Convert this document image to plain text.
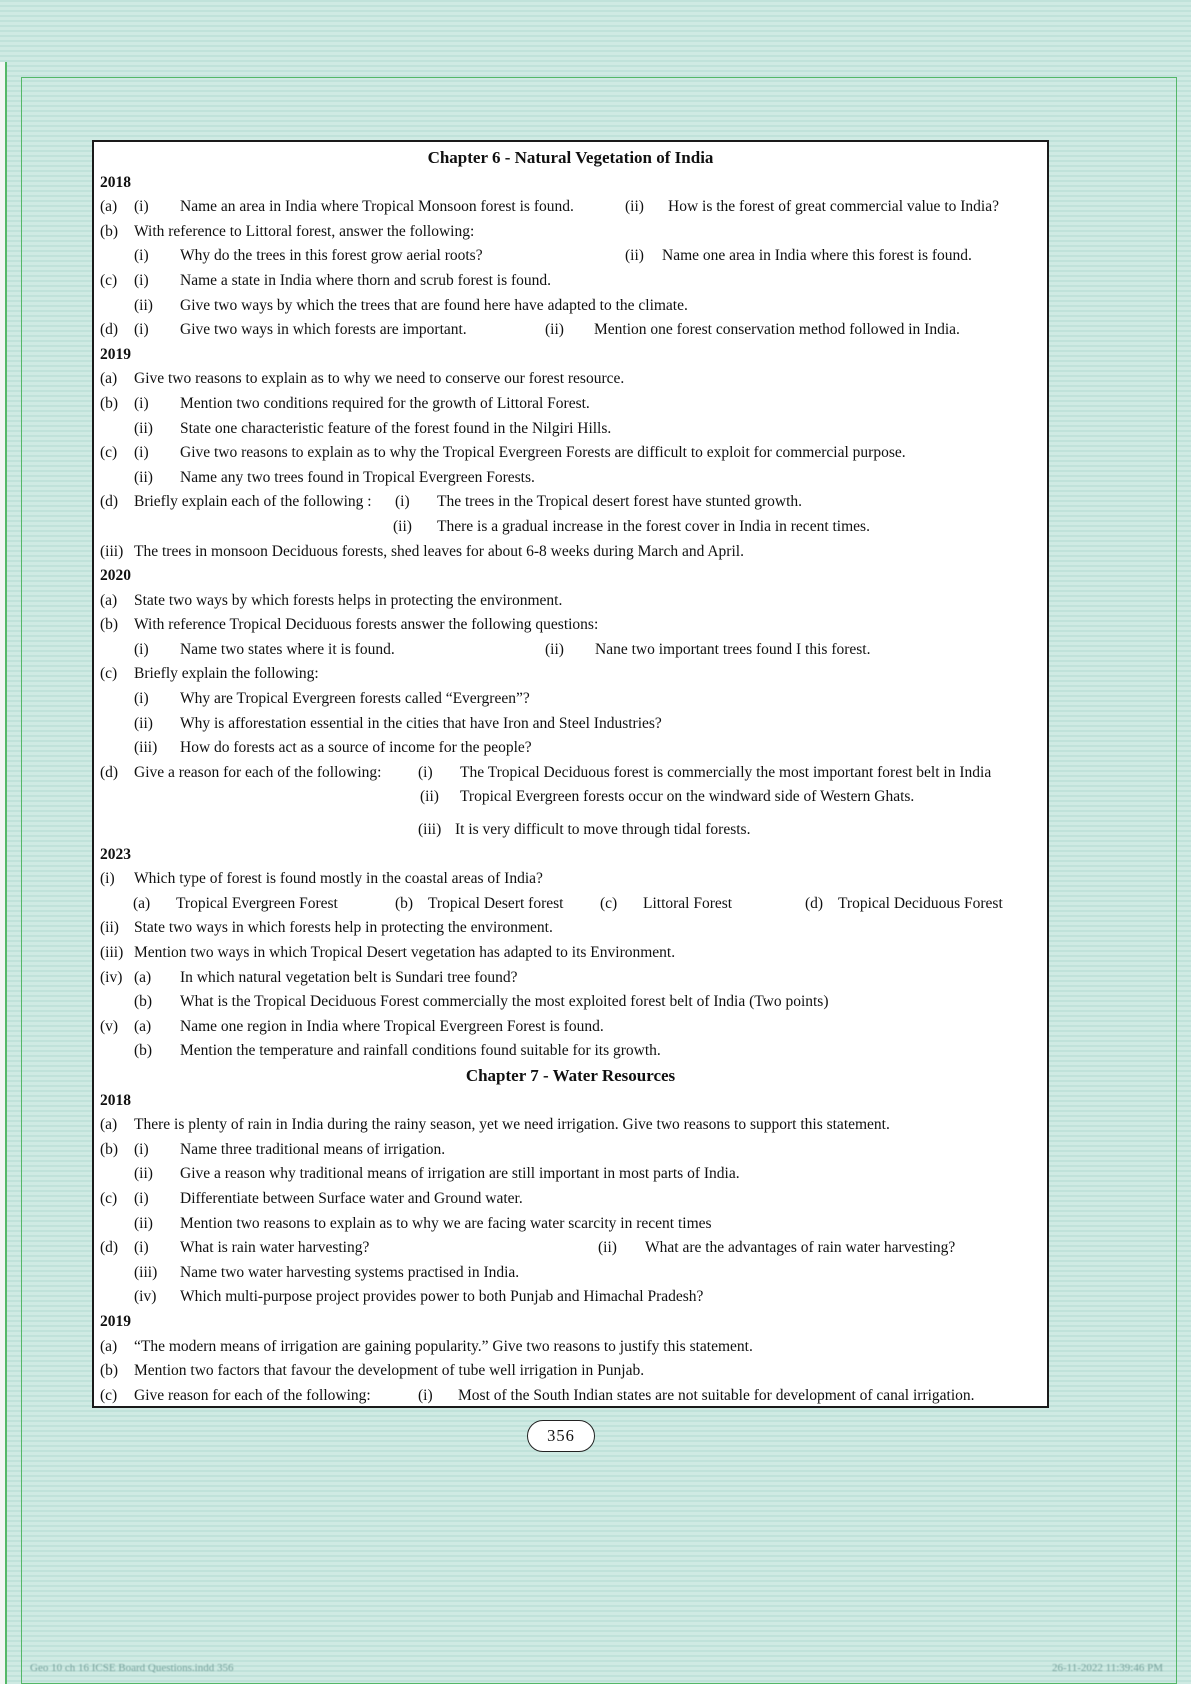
Chapter 6 - Natural Vegetation of India
2018
(a) (i) Name an area in India where Tropical Monsoon forest is found.	(ii) How is the forest of great commercial value to India?
(b) With reference to Littoral forest, answer the following:
(i) Why do the trees in this forest grow aerial roots?	(ii) Name one area in India where this forest is found.
(c) (i) Name a state in India where thorn and scrub forest is found.
(ii) Give two ways by which the trees that are found here have adapted to the climate.
(d) (i) Give two ways in which forests are important.	(ii) Mention one forest conservation method followed in India.
2019
(a) Give two reasons to explain as to why we need to conserve our forest resource.
(b) (i) Mention two conditions required for the growth of Littoral Forest.
(ii) State one characteristic feature of the forest found in the Nilgiri Hills.
(c) (i) Give two reasons to explain as to why the Tropical Evergreen Forests are difficult to exploit for commercial purpose.
(ii) Name any two trees found in Tropical Evergreen Forests.
(d) Briefly explain each of the following : (i) The trees in the Tropical desert forest have stunted growth.
(ii) There is a gradual increase in the forest cover in India in recent times.
(iii) The trees in monsoon Deciduous forests, shed leaves for about 6-8 weeks during March and April.
2020
(a) State two ways by which forests helps in protecting the environment.
(b) With reference Tropical Deciduous forests answer the following questions:
(i) Name two states where it is found.	(ii) Nane two important trees found I this forest.
(c) Briefly explain the following:
(i) Why are Tropical Evergreen forests called “Evergreen”?
(ii) Why is afforestation essential in the cities that have Iron and Steel Industries?
(iii) How do forests act as a source of income for the people?
(d) Give a reason for each of the following: (i) The Tropical Deciduous forest is commercially the most important forest belt in India
(ii) Tropical Evergreen forests occur on the windward side of Western Ghats.
(iii) It is very difficult to move through tidal forests.
2023
(i) Which type of forest is found mostly in the coastal areas of India?
(a) Tropical Evergreen Forest	(b) Tropical Desert forest (c) Littoral Forest	(d) Tropical Deciduous Forest
(ii) State two ways in which forests help in protecting the environment.
(iii) Mention two ways in which Tropical Desert vegetation has adapted to its Environment.
(iv) (a) In which natural vegetation belt is Sundari tree found?
(b) What is the Tropical Deciduous Forest commercially the most exploited forest belt of India (Two points)
(v) (a) Name one region in India where Tropical Evergreen Forest is found.
(b) Mention the temperature and rainfall conditions found suitable for its growth.
Chapter 7 - Water Resources
2018
(a) There is plenty of rain in India during the rainy season, yet we need irrigation. Give two reasons to support this statement.
(b) (i) Name three traditional means of irrigation.
(ii) Give a reason why traditional means of irrigation are still important in most parts of India.
(c) (i) Differentiate between Surface water and Ground water.
(ii) Mention two reasons to explain as to why we are facing water scarcity in recent times
(d) (i) What is rain water harvesting?	(ii) What are the advantages of rain water harvesting?
(iii) Name two water harvesting systems practised in India.
(iv) Which multi-purpose project provides power to both Punjab and Himachal Pradesh?
2019
(a) “The modern means of irrigation are gaining popularity.” Give two reasons to justify this statement.
(b) Mention two factors that favour the development of tube well irrigation in Punjab.
(c) Give reason for each of the following:	(i) Most of the South Indian states are not suitable for development of canal irrigation.
356
Geo 10 ch 16 ICSE Board Questions.indd 356	26-11-2022 11:39:46 PM
